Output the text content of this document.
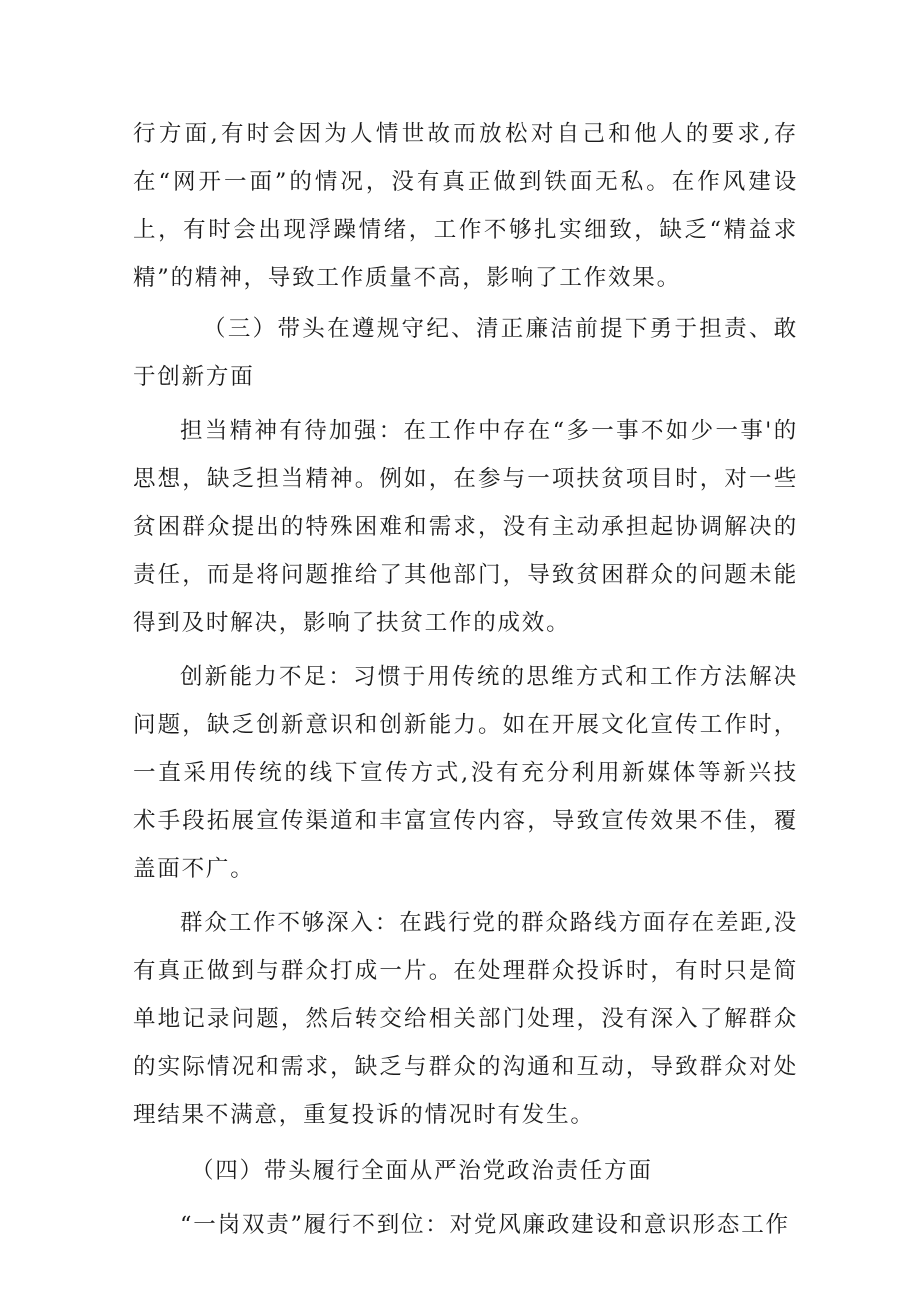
行方面,有时会因为人情世故而放松对自己和他人的要求,存在“网开一面”的情况，没有真正做到铁面无私。在作风建设上，有时会出现浮躁情绪，工作不够扎实细致，缺乏“精益求精”的精神，导致工作质量不高，影响了工作效果。

（三）带头在遵规守纪、清正廉洁前提下勇于担责、敢于创新方面

担当精神有待加强：在工作中存在“多一事不如少一事'的思想，缺乏担当精神。例如，在参与一项扶贫项目时，对一些贫困群众提出的特殊困难和需求，没有主动承担起协调解决的责任，而是将问题推给了其他部门，导致贫困群众的问题未能得到及时解决，影响了扶贫工作的成效。

创新能力不足：习惯于用传统的思维方式和工作方法解决问题，缺乏创新意识和创新能力。如在开展文化宣传工作时，一直采用传统的线下宣传方式,没有充分利用新媒体等新兴技术手段拓展宣传渠道和丰富宣传内容，导致宣传效果不佳，覆盖面不广。

群众工作不够深入：在践行党的群众路线方面存在差距,没有真正做到与群众打成一片。在处理群众投诉时，有时只是简单地记录问题，然后转交给相关部门处理，没有深入了解群众的实际情况和需求，缺乏与群众的沟通和互动，导致群众对处理结果不满意，重复投诉的情况时有发生。

（四）带头履行全面从严治党政治责任方面

“一岗双责”履行不到位：对党风廉政建设和意识形态工作
